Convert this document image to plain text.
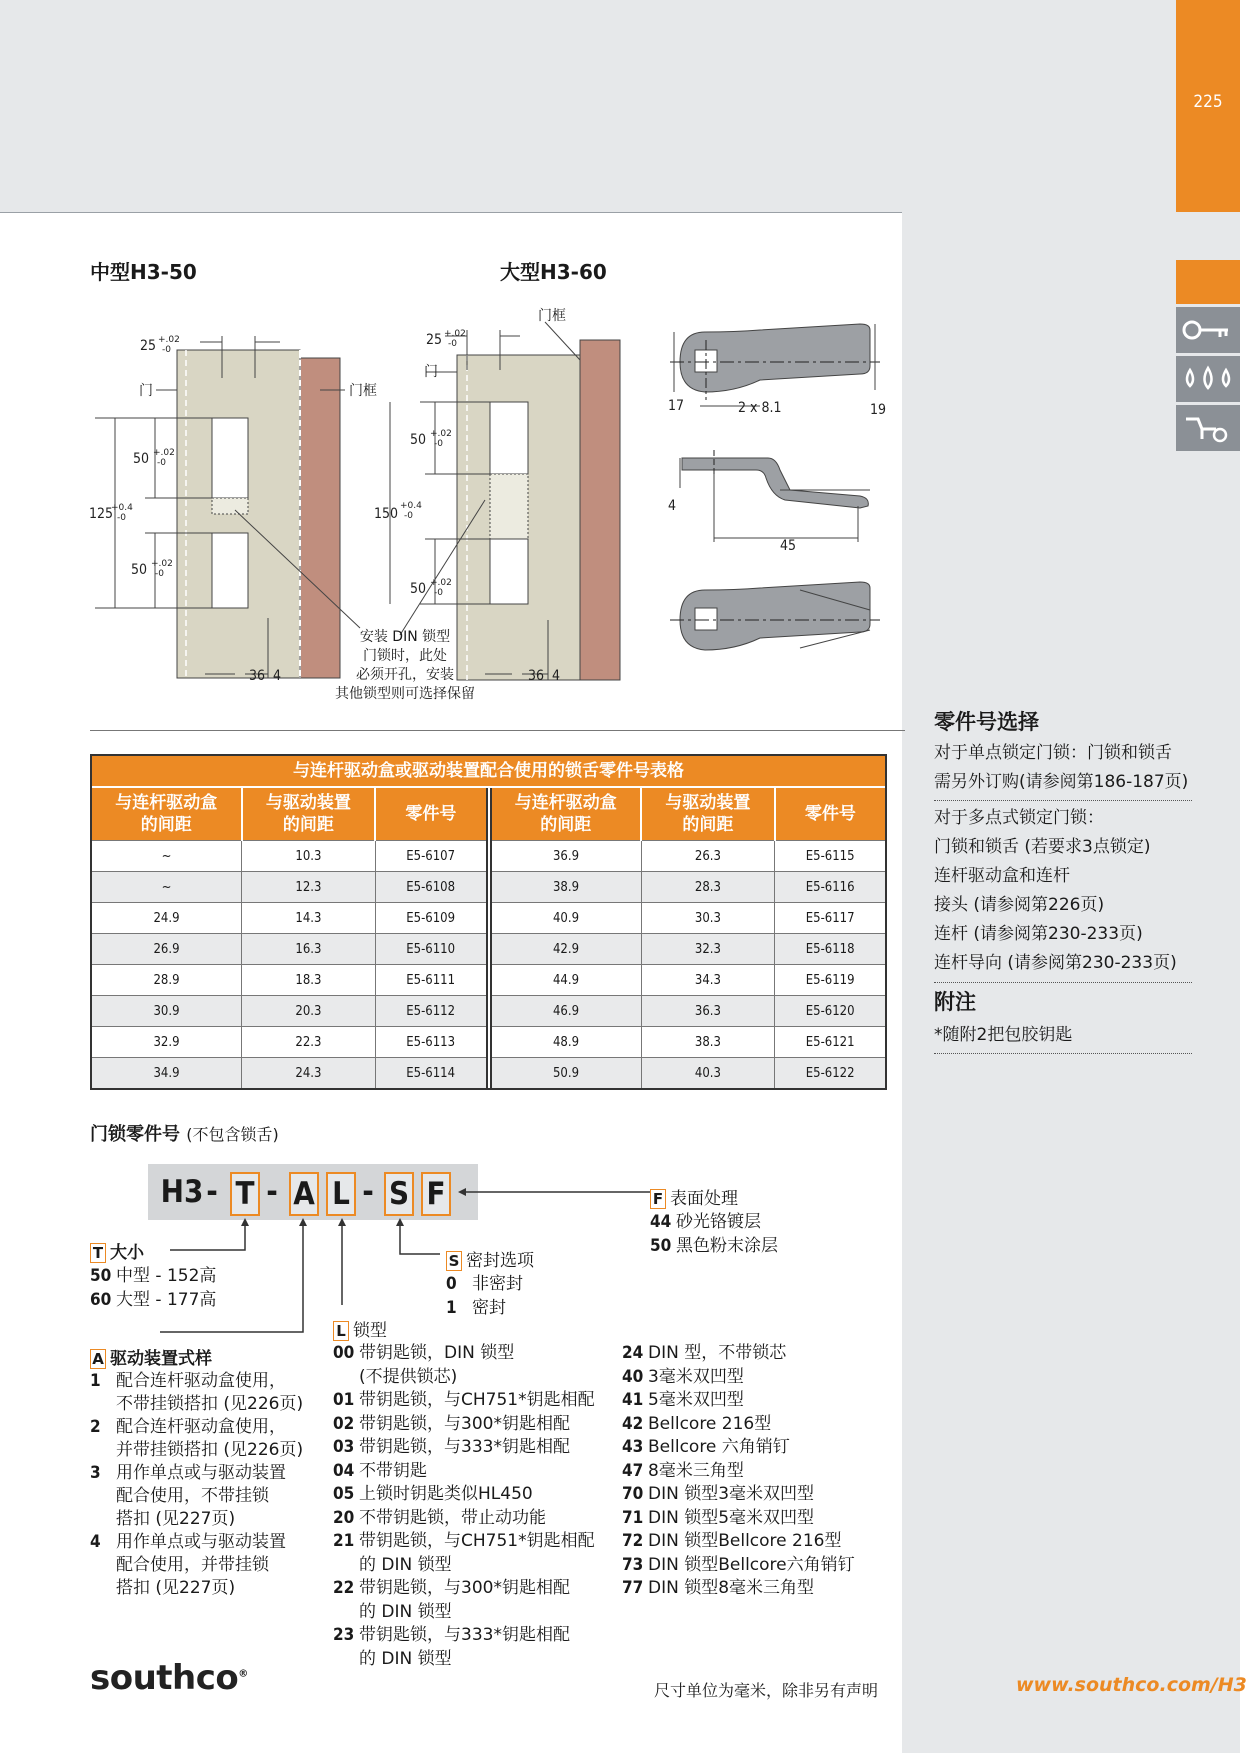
225
中型H3-50	大型H3-60
25 +.02
-0
门	门框
50 +.02
-0
125
+0.4
-0
50 +.02
-0
36 4
25 +.02
-0
门框
门
50 +.02
-0
150 +0.4
-0
50 +.02
-0
36 4
安装 DIN 锁型
门锁时，此处
必须开孔，安装
其他锁型则可选择保留
17	2 x 8.1	19
4
45
与连杆驱动盒或驱动装置配合使用的锁舌零件号表格
与连杆驱动盒
的间距	与驱动装置
的间距	零件号
~	10.3	E5-6107
~	12.3	E5-6108
24.9	14.3	E5-6109
26.9	16.3	E5-6110
28.9	18.3	E5-6111
30.9	20.3	E5-6112
32.9	22.3	E5-6113
34.9	24.3	E5-6114
与连杆驱动盒
的间距	与驱动装置
的间距	零件号
36.9	26.3	E5-6115
38.9	28.3	E5-6116
40.9	30.3	E5-6117
42.9	32.3	E5-6118
44.9	34.3	E5-6119
46.9	36.3	E5-6120
48.9	38.3	E5-6121
50.9	40.3	E5-6122
门锁零件号 (不包含锁舌)
H3 - T - A L - S F
T 大小
50 中型 - 152高
60 大型 - 177高
A 驱动装置式样
1 配合连杆驱动盒使用，
不带挂锁搭扣 (见226页)
2 配合连杆驱动盒使用，
并带挂锁搭扣 (见226页)
3 用作单点或与驱动装置
配合使用，不带挂锁
搭扣 (见227页)
4 用作单点或与驱动装置
配合使用，并带挂锁
搭扣 (见227页)
L 锁型
00 带钥匙锁，DIN 锁型
(不提供锁芯)
01 带钥匙锁，与CH751*钥匙相配
02 带钥匙锁，与300*钥匙相配
03 带钥匙锁，与333*钥匙相配
04 不带钥匙
05 上锁时钥匙类似HL450
20 不带钥匙锁，带止动功能
21 带钥匙锁，与CH751*钥匙相配
的 DIN 锁型
22 带钥匙锁，与300*钥匙相配
的 DIN 锁型
23 带钥匙锁，与333*钥匙相配
的 DIN 锁型
24 DIN 型，不带锁芯
40 3毫米双凹型
41 5毫米双凹型
42 Bellcore 216型
43 Bellcore 六角销钉
47 8毫米三角型
70 DIN 锁型3毫米双凹型
71 DIN 锁型5毫米双凹型
72 DIN 锁型Bellcore 216型
73 DIN 锁型Bellcore六角销钉
77 DIN 锁型8毫米三角型
S 密封选项
0 非密封
1 密封
F 表面处理
44 砂光铬镀层
50 黑色粉末涂层
零件号选择
对于单点锁定门锁：门锁和锁舌
需另外订购(请参阅第186-187页)
对于多点式锁定门锁：
门锁和锁舌 (若要求3点锁定)
连杆驱动盒和连杆
接头 (请参阅第226页)
连杆 (请参阅第230-233页)
连杆导向 (请参阅第230-233页)
附注
*随附2把包胶钥匙
southco®
尺寸单位为毫米，除非另有声明	www.southco.com/H3
